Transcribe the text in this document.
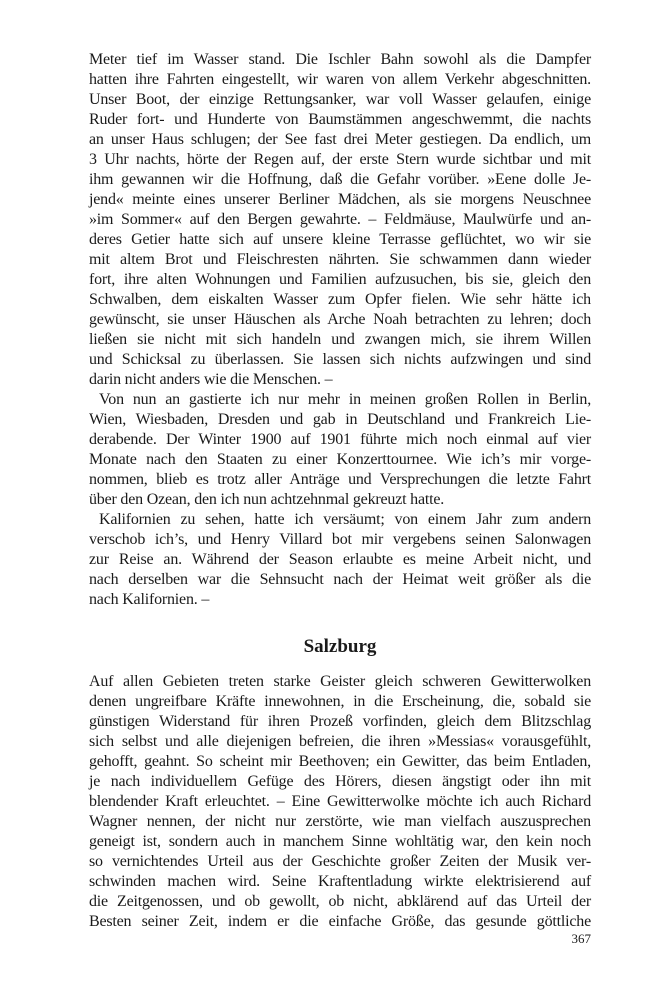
Meter tief im Wasser stand. Die Ischler Bahn sowohl als die Dampfer
hatten ihre Fahrten eingestellt, wir waren von allem Verkehr abgeschnitten.
Unser Boot, der einzige Rettungsanker, war voll Wasser gelaufen, einige
Ruder fort- und Hunderte von Baumstämmen angeschwemmt, die nachts
an unser Haus schlugen; der See fast drei Meter gestiegen. Da endlich, um
3 Uhr nachts, hörte der Regen auf, der erste Stern wurde sichtbar und mit
ihm gewannen wir die Hoffnung, daß die Gefahr vorüber. »Eene dolle Je-
jend« meinte eines unserer Berliner Mädchen, als sie morgens Neuschnee
»im Sommer« auf den Bergen gewahrte. – Feldmäuse, Maulwürfe und an-
deres Getier hatte sich auf unsere kleine Terrasse geflüchtet, wo wir sie
mit altem Brot und Fleischresten nährten. Sie schwammen dann wieder
fort, ihre alten Wohnungen und Familien aufzusuchen, bis sie, gleich den
Schwalben, dem eiskalten Wasser zum Opfer fielen. Wie sehr hätte ich
gewünscht, sie unser Häuschen als Arche Noah betrachten zu lehren; doch
ließen sie nicht mit sich handeln und zwangen mich, sie ihrem Willen
und Schicksal zu überlassen. Sie lassen sich nichts aufzwingen und sind
darin nicht anders wie die Menschen. –

Von nun an gastierte ich nur mehr in meinen großen Rollen in Berlin,
Wien, Wiesbaden, Dresden und gab in Deutschland und Frankreich Lie-
derabende. Der Winter 1900 auf 1901 führte mich noch einmal auf vier
Monate nach den Staaten zu einer Konzerttournee. Wie ich’s mir vorge-
nommen, blieb es trotz aller Anträge und Versprechungen die letzte Fahrt
über den Ozean, den ich nun achtzehnmal gekreuzt hatte.

Kalifornien zu sehen, hatte ich versäumt; von einem Jahr zum andern
verschob ich’s, und Henry Villard bot mir vergebens seinen Salonwagen
zur Reise an. Während der Season erlaubte es meine Arbeit nicht, und
nach derselben war die Sehnsucht nach der Heimat weit größer als die
nach Kalifornien. –

Salzburg

Auf allen Gebieten treten starke Geister gleich schweren Gewitterwolken
denen ungreifbare Kräfte innewohnen, in die Erscheinung, die, sobald sie
günstigen Widerstand für ihren Prozeß vorfinden, gleich dem Blitzschlag
sich selbst und alle diejenigen befreien, die ihren »Messias« vorausgefühlt,
gehofft, geahnt. So scheint mir Beethoven; ein Gewitter, das beim Entladen,
je nach individuellem Gefüge des Hörers, diesen ängstigt oder ihn mit
blendender Kraft erleuchtet. – Eine Gewitterwolke möchte ich auch Richard
Wagner nennen, der nicht nur zerstörte, wie man vielfach auszusprechen
geneigt ist, sondern auch in manchem Sinne wohltätig war, den kein noch
so vernichtendes Urteil aus der Geschichte großer Zeiten der Musik ver-
schwinden machen wird. Seine Kraftentladung wirkte elektrisierend auf
die Zeitgenossen, und ob gewollt, ob nicht, abklärend auf das Urteil der
Besten seiner Zeit, indem er die einfache Größe, das gesunde göttliche

367
